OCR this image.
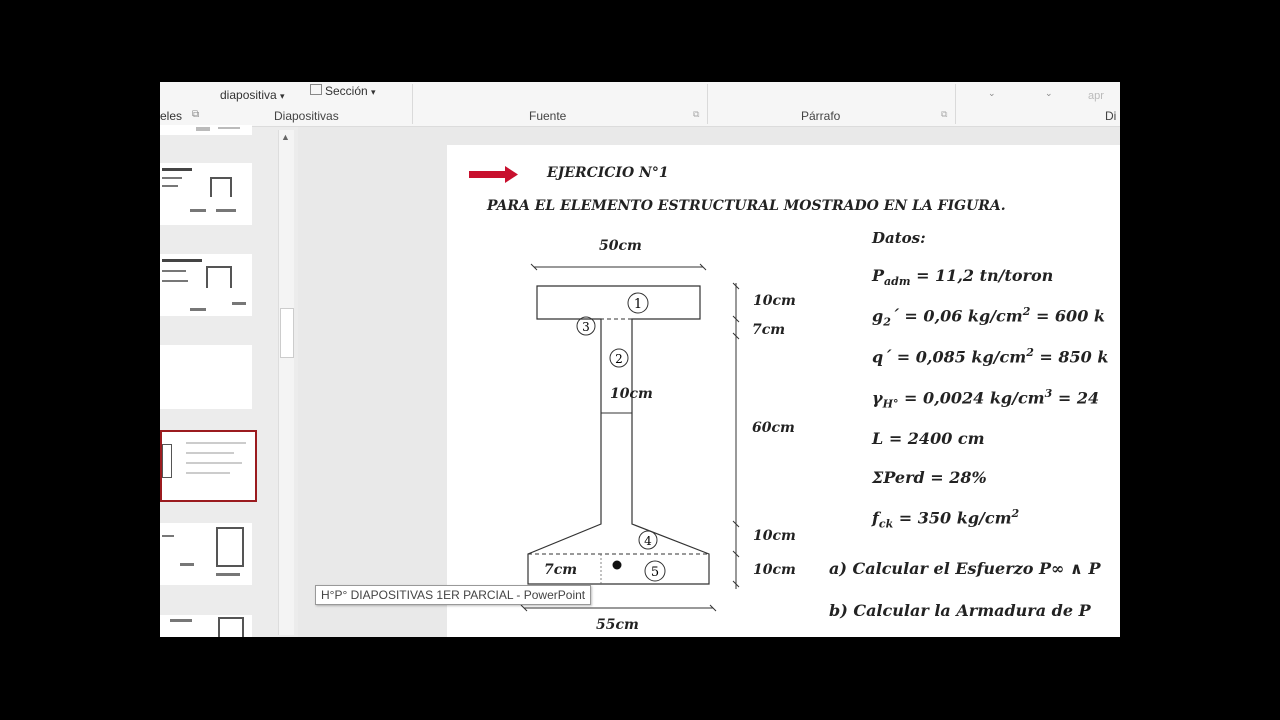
eles ⧉
diapositiva ▾	Sección ▾
Diapositivas	Fuente	⧉	Párrafo	⧉
⌄	⌄	apr
Di
▲
1
3
2
4
5
EJERCICIO N°1
PARA EL ELEMENTO ESTRUCTURAL MOSTRADO EN LA FIGURA.
50cm
10cm
7cm
55cm
10cm
7cm
60cm
10cm
10cm
Datos:
$P_{adm} = 11,2$ tn/toron
$g_2´ = 0,06$ $kg/cm^2 = 600$ k
q´ = 0,085 $kg/cm^2 = 850$ k
$\gamma_{H^\circ} = 0,0024$ $kg/cm^3 = 24$
L = 2400 cm
ΣPerd = 28%
$f_{ck} = 350$ $kg/cm^2$
a) Calcular el Esfuerzo P∞ ∧ P
b) Calcular la Armadura de P
H°P° DIAPOSITIVAS 1ER PARCIAL - PowerPoint
